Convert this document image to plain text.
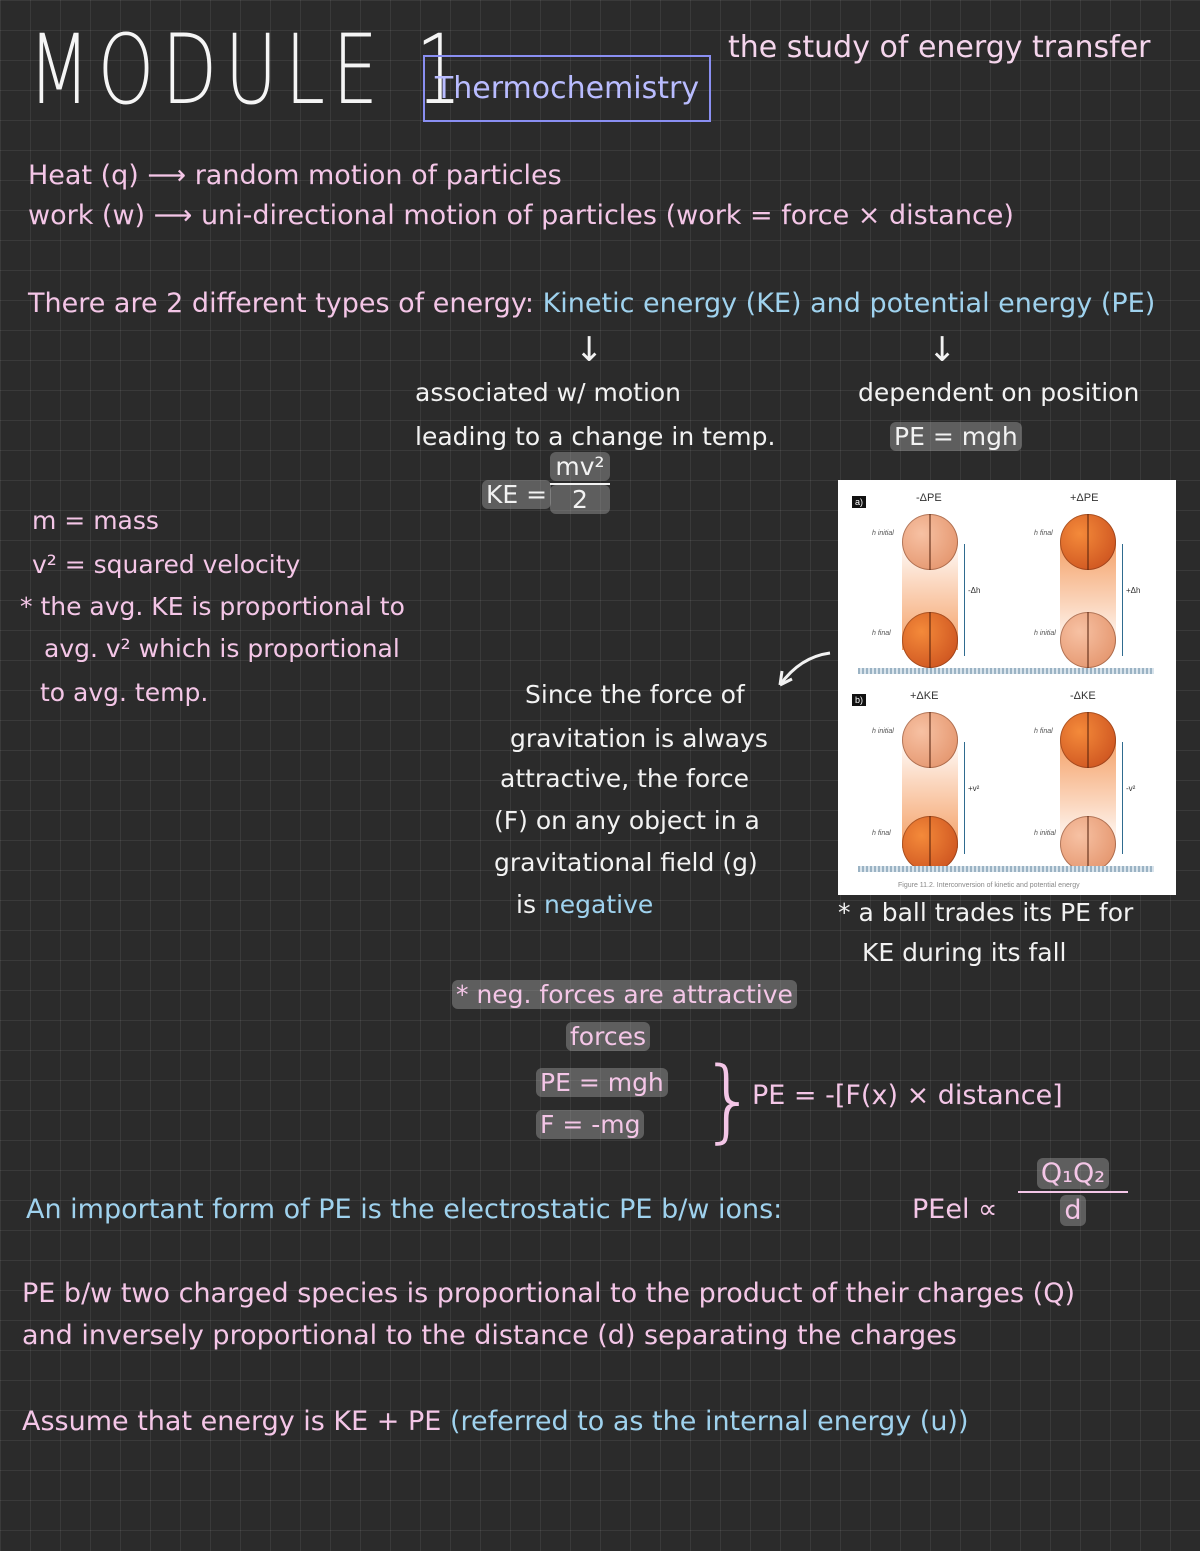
MODULE 1
Thermochemistry
the study of energy transfer
Heat (q) ⟶ random motion of particles
work (w) ⟶ uni-directional motion of particles (work = force × distance)
There are 2 different types of energy: Kinetic energy (KE) and potential energy (PE)
↓	↓
associated w/ motion
leading to a change in temp.
dependent on position
PE = mgh
KE =
mv²
2
m = mass
v² = squared velocity
* the avg. KE is proportional to
avg. v² which is proportional
to avg. temp.	Since the force of
gravitation is always
attractive, the force
(F) on any object in a
gravitational field (g)
is negative
a)	-ΔPE	+ΔPE
h initial
-Δh
h final
h final
+Δh
h initial
b)	+ΔKE	-ΔKE
h initial
+v²
h final
h final
-v²
h initial
Figure 11.2. Interconversion of kinetic and potential energy
* a ball trades its PE for
KE during its fall
* neg. forces are attractive
forces
PE = mgh
F = -mg }
PE = -[F(x) × distance]
An important form of PE is the electrostatic PE b/w ions:	PEel ∝
Q₁Q₂
d
PE b/w two charged species is proportional to the product of their charges (Q)
and inversely proportional to the distance (d) separating the charges
Assume that energy is KE + PE (referred to as the internal energy (u))
